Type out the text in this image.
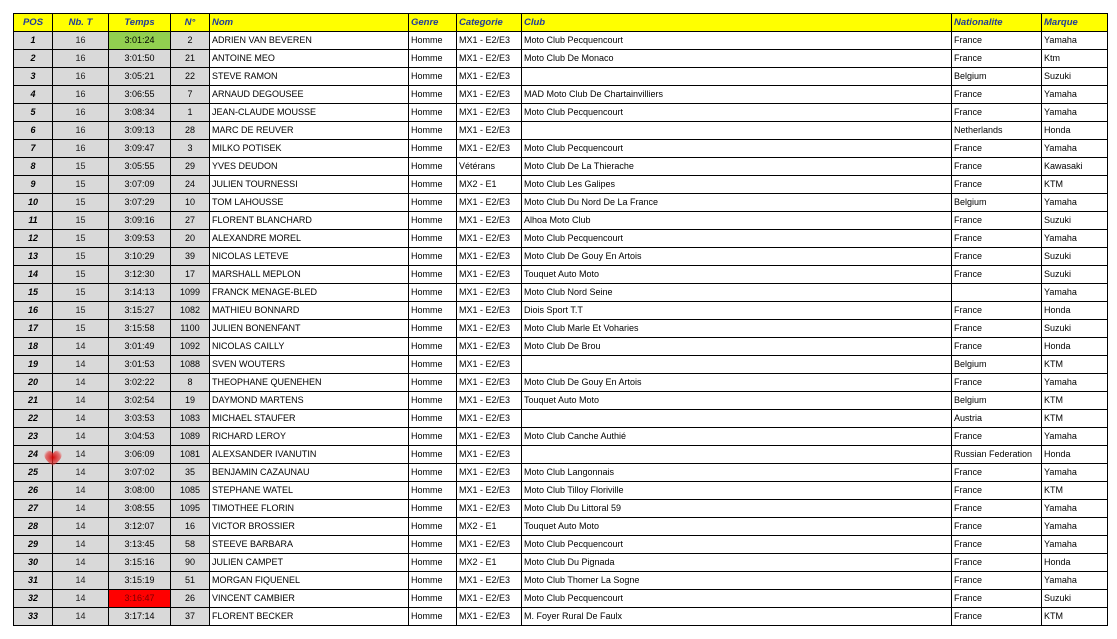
POS	Nb. T	Temps	N°	Nom	Genre	Categorie	Club	Nationalite	Marque
1	16	3:01:24	2	ADRIEN VAN BEVEREN	Homme	MX1 - E2/E3	Moto Club Pecquencourt	France	Yamaha
2	16	3:01:50	21	ANTOINE MEO	Homme	MX1 - E2/E3	Moto Club De Monaco	France	Ktm
3	16	3:05:21	22	STEVE RAMON	Homme	MX1 - E2/E3		Belgium	Suzuki
4	16	3:06:55	7	ARNAUD DEGOUSEE	Homme	MX1 - E2/E3	MAD Moto Club De Chartainvilliers	France	Yamaha
5	16	3:08:34	1	JEAN-CLAUDE MOUSSE	Homme	MX1 - E2/E3	Moto Club Pecquencourt	France	Yamaha
6	16	3:09:13	28	MARC DE REUVER	Homme	MX1 - E2/E3		Netherlands	Honda
7	16	3:09:47	3	MILKO POTISEK	Homme	MX1 - E2/E3	Moto Club Pecquencourt	France	Yamaha
8	15	3:05:55	29	YVES DEUDON	Homme	Vétérans	Moto Club De La Thierache	France	Kawasaki
9	15	3:07:09	24	JULIEN TOURNESSI	Homme	MX2 - E1	Moto Club Les Galipes	France	KTM
10	15	3:07:29	10	TOM LAHOUSSE	Homme	MX1 - E2/E3	Moto Club Du Nord De La France	Belgium	Yamaha
11	15	3:09:16	27	FLORENT BLANCHARD	Homme	MX1 - E2/E3	Alhoa Moto Club	France	Suzuki
12	15	3:09:53	20	ALEXANDRE MOREL	Homme	MX1 - E2/E3	Moto Club Pecquencourt	France	Yamaha
13	15	3:10:29	39	NICOLAS LETEVE	Homme	MX1 - E2/E3	Moto Club De Gouy En Artois	France	Suzuki
14	15	3:12:30	17	MARSHALL MEPLON	Homme	MX1 - E2/E3	Touquet Auto Moto	France	Suzuki
15	15	3:14:13	1099	FRANCK MENAGE-BLED	Homme	MX1 - E2/E3	Moto Club Nord Seine		Yamaha
16	15	3:15:27	1082	MATHIEU BONNARD	Homme	MX1 - E2/E3	Diois Sport T.T	France	Honda
17	15	3:15:58	1100	JULIEN BONENFANT	Homme	MX1 - E2/E3	Moto Club Marle Et Voharies	France	Suzuki
18	14	3:01:49	1092	NICOLAS CAILLY	Homme	MX1 - E2/E3	Moto Club De Brou	France	Honda
19	14	3:01:53	1088	SVEN WOUTERS	Homme	MX1 - E2/E3		Belgium	KTM
20	14	3:02:22	8	THEOPHANE QUENEHEN	Homme	MX1 - E2/E3	Moto Club De Gouy En Artois	France	Yamaha
21	14	3:02:54	19	DAYMOND MARTENS	Homme	MX1 - E2/E3	Touquet Auto Moto	Belgium	KTM
22	14	3:03:53	1083	MICHAEL STAUFER	Homme	MX1 - E2/E3		Austria	KTM
23	14	3:04:53	1089	RICHARD LEROY	Homme	MX1 - E2/E3	Moto Club Canche Authié	France	Yamaha
24	14	3:06:09	1081	ALEXSANDER IVANUTIN	Homme	MX1 - E2/E3		Russian Federation	Honda
25	14	3:07:02	35	BENJAMIN CAZAUNAU	Homme	MX1 - E2/E3	Moto Club Langonnais	France	Yamaha
26	14	3:08:00	1085	STEPHANE WATEL	Homme	MX1 - E2/E3	Moto Club Tilloy Floriville	France	KTM
27	14	3:08:55	1095	TIMOTHEE FLORIN	Homme	MX1 - E2/E3	Moto Club Du Littoral 59	France	Yamaha
28	14	3:12:07	16	VICTOR BROSSIER	Homme	MX2 - E1	Touquet Auto Moto	France	Yamaha
29	14	3:13:45	58	STEEVE BARBARA	Homme	MX1 - E2/E3	Moto Club Pecquencourt	France	Yamaha
30	14	3:15:16	90	JULIEN CAMPET	Homme	MX2 - E1	Moto Club Du Pignada	France	Honda
31	14	3:15:19	51	MORGAN FIQUENEL	Homme	MX1 - E2/E3	Moto Club Thomer La Sogne	France	Yamaha
32	14	3:16:47	26	VINCENT CAMBIER	Homme	MX1 - E2/E3	Moto Club Pecquencourt	France	Suzuki
33	14	3:17:14	37	FLORENT BECKER	Homme	MX1 - E2/E3	M. Foyer Rural De Faulx	France	KTM
